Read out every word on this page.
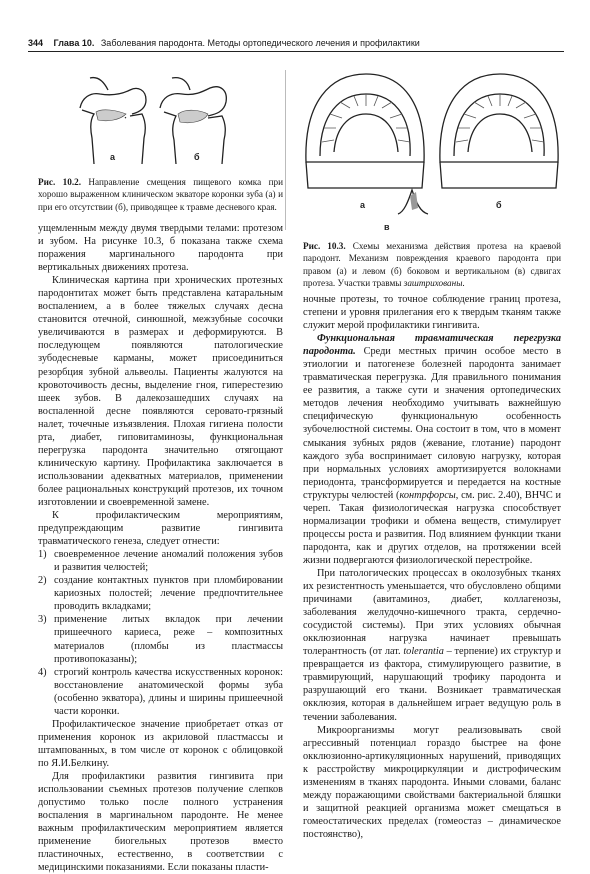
344 Глава 10. Заболевания пародонта. Методы ортопедического лечения и профилактики
а	б
а	б
в
Рис. 10.2. Направление смещения пищевого комка при хорошо выраженном клиническом экваторе коронки зуба (а) и при его отсутствии (б), приводящее к травме десневого края.
Рис. 10.3. Схемы механизма действия протеза на краевой пародонт. Механизм повреждения краевого пародонта при правом (а) и левом (б) боковом и вертикальном (в) сдвигах протеза. Участки травмы заштрихованы.

ущемленным между двумя твердыми телами: протезом и зубом. На рисунке 10.3, б показана также схема поражения маргинального пародонта при вертикальных движениях протеза.

Клиническая картина при хронических протезных пародонтитах может быть представлена катаральным воспалением, а в более тяжелых случаях десна становится отечной, синюшной, межзубные сосочки увеличиваются в размерах и деформируются. В последующем появляются патологические зубодесневые карманы, может присоединиться резорбция зубной альвеолы. Пациенты жалуются на кровоточивость десны, выделение гноя, гиперестезию шеек зубов. В далекозашедших случаях на воспаленной десне появляются серовато-грязный налет, точечные изъязвления. Плохая гигиена полости рта, диабет, гиповитаминозы, функциональная перегрузка пародонта значительно отягощают клиническую картину. Профилактика заключается в использовании адекватных материалов, применении более рациональных конструкций протезов, их точном изготовлении и своевременной замене.

К профилактическим мероприятиям, предупреждающим развитие гингивита травматического генеза, следует отнести:

1) своевременное лечение аномалий положения зубов и развития челюстей;
2) создание контактных пунктов при пломбировании кариозных полостей; лечение предпочтительнее проводить вкладками;
3) применение литых вкладок при лечении пришеечного кариеса, реже – композитных материалов (пломбы из пластмассы противопоказаны);
4) строгий контроль качества искусственных коронок: восстановление анатомической формы зуба (особенно экватора), длины и ширины пришеечной части коронки.

Профилактическое значение приобретает отказ от применения коронок из акриловой пластмассы и штампованных, в том числе от коронок с облицовкой по Я.И.Белкину.

Для профилактики развития гингивита при использовании съемных протезов получение слепков допустимо только после полного устранения воспаления в маргинальном пародонте. Не менее важным профилактическим мероприятием является применение биогельных протезов вместо пластиночных, естественно, в соответствии с медицинскими показаниями. Если показаны пласти-

ночные протезы, то точное соблюдение границ протеза, степени и уровня прилегания его к твердым тканям также служит мерой профилактики гингивита.

Функциональная травматическая перегрузка пародонта. Среди местных причин особое место в этиологии и патогенезе болезней пародонта занимает травматическая перегрузка. Для правильного понимания ее развития, а также сути и значения ортопедических методов лечения необходимо учитывать важнейшую специфическую функциональную особенность зубочелюстной системы. Она состоит в том, что в момент смыкания зубных рядов (жевание, глотание) пародонт каждого зуба воспринимает силовую нагрузку, которая при нормальных условиях амортизируется волокнами периодонта, трансформируется и передается на костные структуры челюстей (контрфорсы, см. рис. 2.40), ВНЧС и череп. Такая физиологическая нагрузка способствует нормализации трофики и обмена веществ, стимулирует процессы роста и развития. Под влиянием функции ткани пародонта, как и других отделов, на протяжении всей жизни подвергаются физиологической перестройке.

При патологических процессах в околозубных тканях их резистентность уменьшается, что обусловлено общими причинами (авитаминоз, диабет, коллагенозы, заболевания желудочно-кишечного тракта, сердечно-сосудистой системы). При этих условиях обычная окклюзионная нагрузка начинает превышать толерантность (от лат. tolerantia – терпение) их структур и превращается из фактора, стимулирующего развитие, в травмирующий, нарушающий трофику пародонта и разрушающий его ткани. Возникает травматическая окклюзия, которая в дальнейшем играет ведущую роль в течении заболевания.

Микроорганизмы могут реализовывать свой агрессивный потенциал гораздо быстрее на фоне окклюзионно-артикуляционных нарушений, приводящих к расстройству микроциркуляции и дистрофическим изменениям в тканях пародонта. Иными словами, баланс между поражающими свойствами бактериальной бляшки и защитной реакцией организма может смещаться в гомеостатических пределах (гомеостаз – динамическое постоянство),
